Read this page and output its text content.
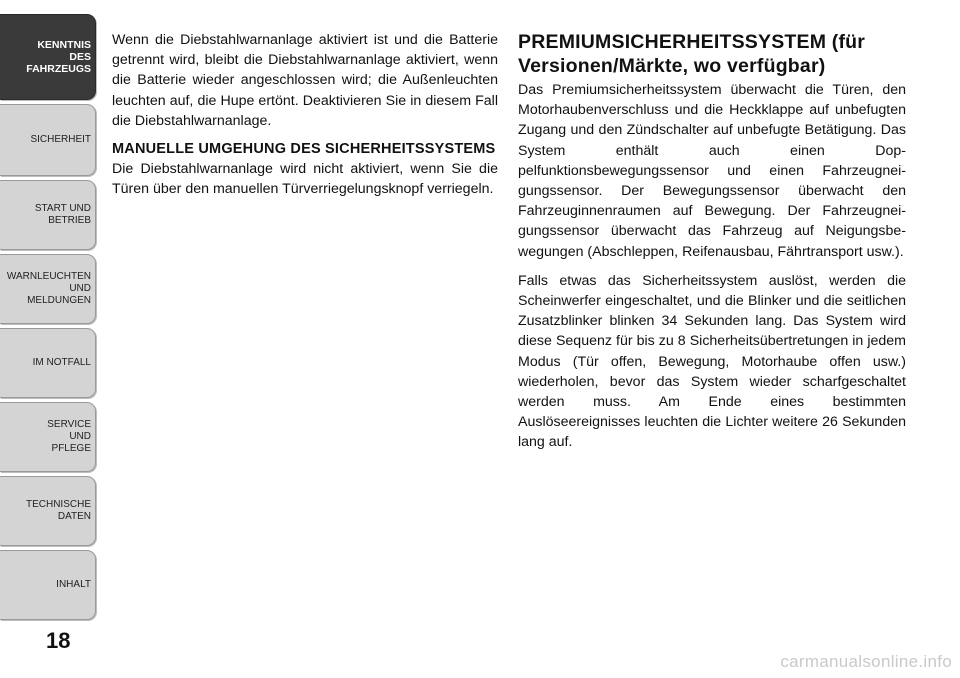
KENNTNIS
DES
FAHRZEUGS
SICHERHEIT
START UND
BETRIEB
WARNLEUCHTEN
UND
MELDUNGEN
IM NOTFALL
SERVICE
UND
PFLEGE
TECHNISCHE
DATEN
INHALT
18

Wenn die Diebstahlwarnanlage aktiviert ist und die Batterie getrennt wird, bleibt die Diebstahlwarnanlage aktiviert, wenn die Batterie wieder angeschlossen wird; die Außenleuchten leuchten auf, die Hupe ertönt. Deaktivieren Sie in diesem Fall die Diebstahlwarnanlage.

MANUELLE UMGEHUNG DES SICHERHEITSSYSTEMS

Die Diebstahlwarnanlage wird nicht aktiviert, wenn Sie die Türen über den manuellen Türverriegelungsknopf verriegeln.

PREMIUMSICHERHEITSSYSTEM (für Versionen/Märkte, wo verfügbar)

Das Premiumsicherheitssystem überwacht die Türen, den Motorhaubenverschluss und die Heckklappe auf unbefugten Zugang und den Zündschalter auf unbefugte Betätigung. Das System enthält auch einen Doppelfunktionsbewegungssensor und einen Fahrzeugneigungssensor. Der Bewegungssensor überwacht den Fahrzeuginnenraumen auf Bewegung. Der Fahrzeugneigungssensor überwacht das Fahrzeug auf Neigungsbewegungen (Abschleppen, Reifenausbau, Fährtransport usw.).

Falls etwas das Sicherheitssystem auslöst, werden die Scheinwerfer eingeschaltet, und die Blinker und die seitlichen Zusatzblinker blinken 34 Sekunden lang. Das System wird diese Sequenz für bis zu 8 Sicherheitsübertretungen in jedem Modus (Tür offen, Bewegung, Motorhaube offen usw.) wiederholen, bevor das System wieder scharfgeschaltet werden muss. Am Ende eines bestimmten Auslöseereignisses leuchten die Lichter weitere 26 Sekunden lang auf.

carmanualsonline.info
